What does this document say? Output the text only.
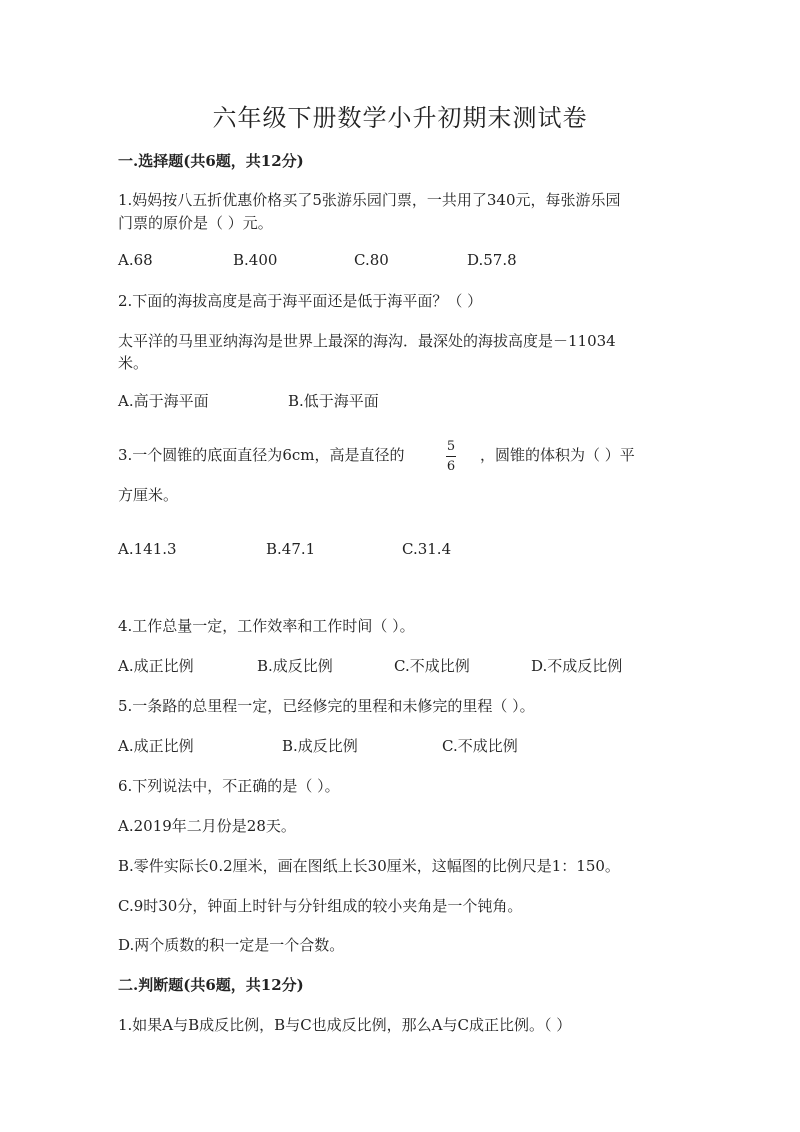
六年级下册数学小升初期末测试卷
一.选择题(共6题，共12分)
1.妈妈按八五折优惠价格买了5张游乐园门票，一共用了340元，每张游乐园
门票的原价是（ ）元。
A.68	B.400	C.80	D.57.8
2.下面的海拔高度是高于海平面还是低于海平面？（ ）
太平洋的马里亚纳海沟是世界上最深的海沟．最深处的海拔高度是－11034
米。
A.高于海平面	B.低于海平面
3.一个圆锥的底面直径为6cm，高是直径的	$\frac{5}{6}$ ，圆锥的体积为（ ）平
方厘米。
A.141.3	B.47.1	C.31.4
4.工作总量一定，工作效率和工作时间（ ）。
A.成正比例	B.成反比例	C.不成比例	D.不成反比例
5.一条路的总里程一定，已经修完的里程和未修完的里程（ ）。
A.成正比例	B.成反比例	C.不成比例
6.下列说法中，不正确的是（ ）。
A.2019年二月份是28天。
B.零件实际长0.2厘米，画在图纸上长30厘米，这幅图的比例尺是1：150。
C.9时30分，钟面上时针与分针组成的较小夹角是一个钝角。
D.两个质数的积一定是一个合数。
二.判断题(共6题，共12分)
1.如果A与B成反比例，B与C也成反比例，那么A与C成正比例。（ ）
